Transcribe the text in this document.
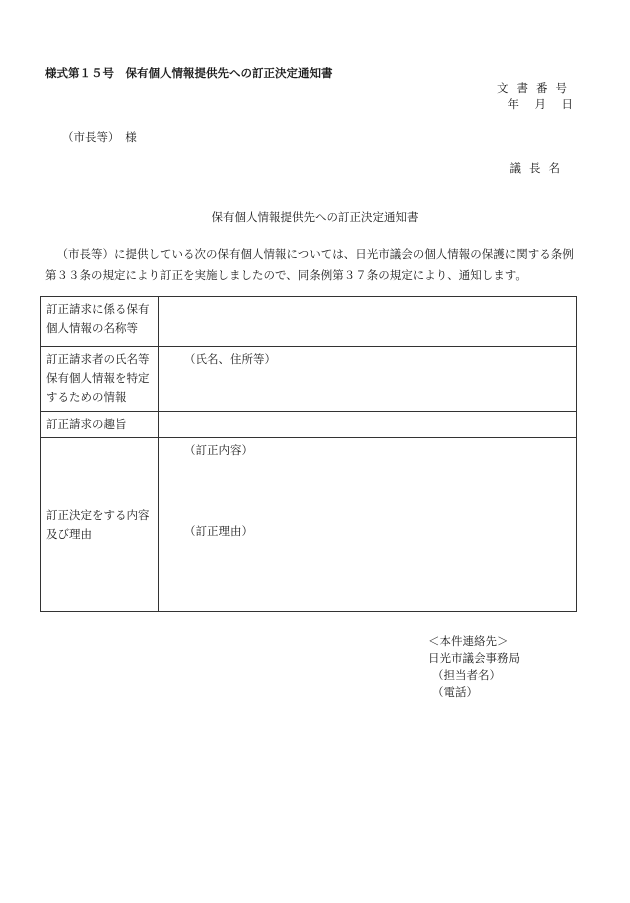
様式第１５号　保有個人情報提供先への訂正決定通知書
文書番号
年　月　日
（市長等）　様
議長名
保有個人情報提供先への訂正決定通知書
（市長等）に提供している次の保有個人情報については、日光市議会の個人情報の保護に関する条例第３３条の規定により訂正を実施しましたので、同条例第３７条の規定により、通知します。
訂正請求に係る保有個人情報の名称等	
訂正請求者の氏名等保有個人情報を特定するための情報	（氏名、住所等）
訂正請求の趣旨	
訂正決定をする内容及び理由	（訂正内容）
（訂正理由）
＜本件連絡先＞
日光市議会事務局
（担当者名）
（電話）
